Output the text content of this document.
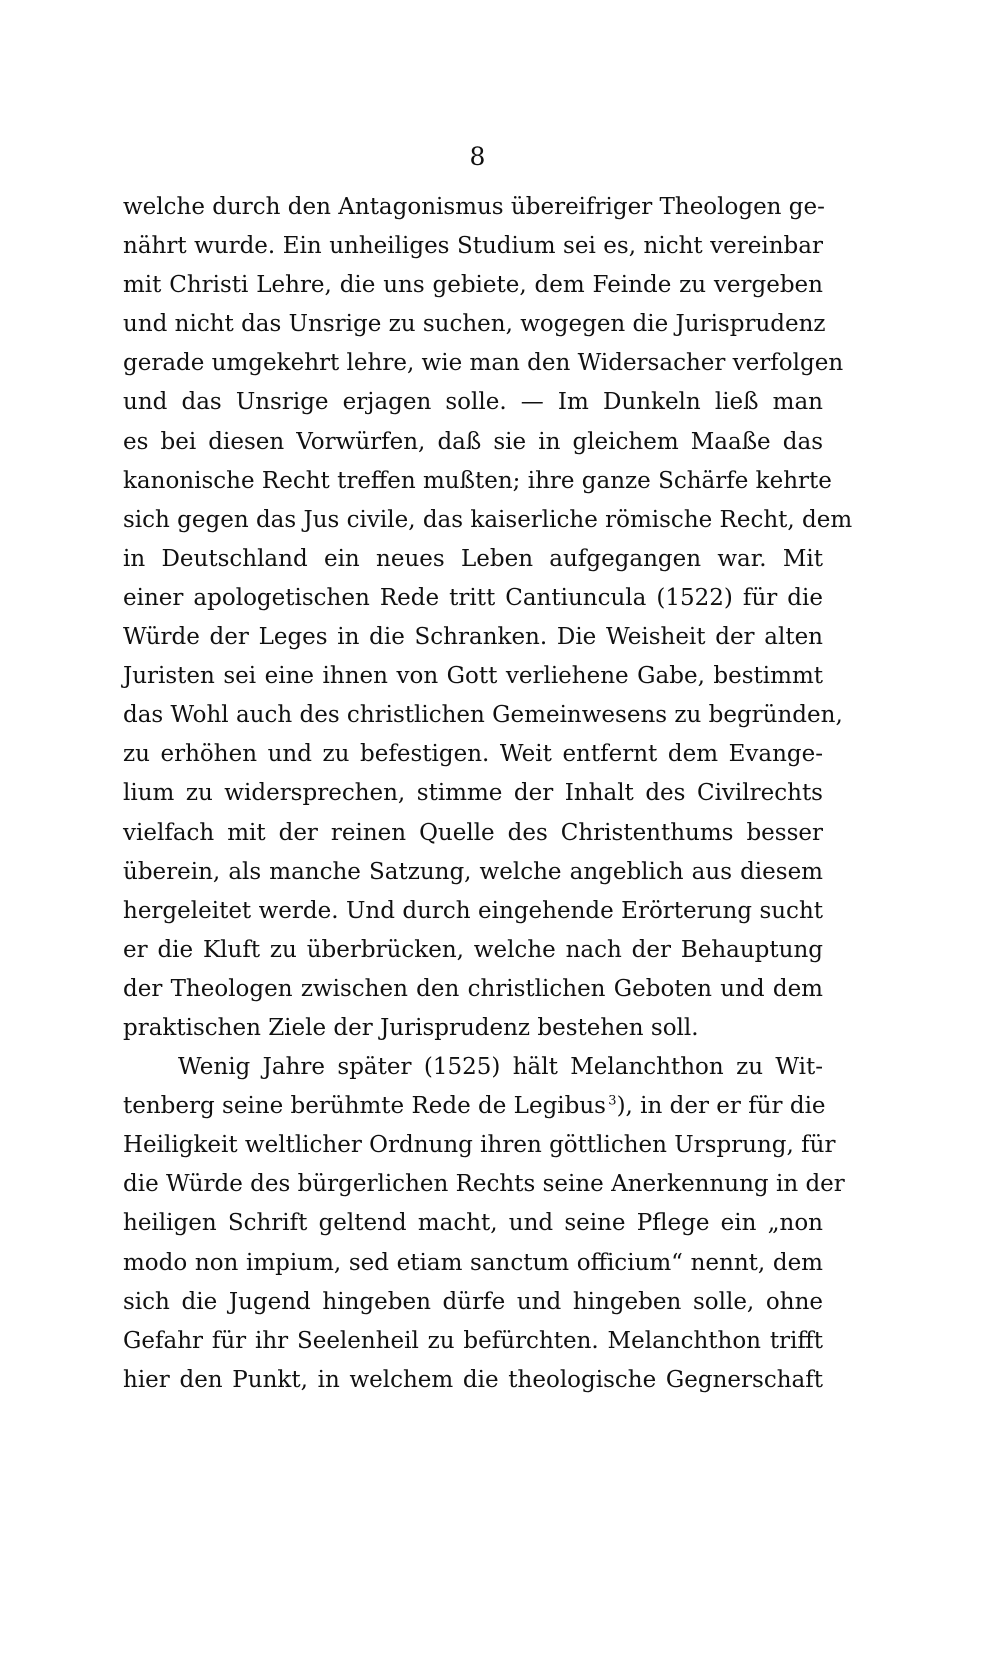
8

welche durch den Antagonismus übereifriger Theologen ge-
nährt wurde. Ein unheiliges Studium sei es, nicht vereinbar
mit Christi Lehre, die uns gebiete, dem Feinde zu vergeben
und nicht das Unsrige zu suchen, wogegen die Jurisprudenz
gerade umgekehrt lehre, wie man den Widersacher verfolgen
und das Unsrige erjagen solle. — Im Dunkeln ließ man
es bei diesen Vorwürfen, daß sie in gleichem Maaße das
kanonische Recht treffen mußten; ihre ganze Schärfe kehrte
sich gegen das Jus civile, das kaiserliche römische Recht, dem
in Deutschland ein neues Leben aufgegangen war. Mit
einer apologetischen Rede tritt Cantiuncula (1522) für die
Würde der Leges in die Schranken. Die Weisheit der alten
Juristen sei eine ihnen von Gott verliehene Gabe, bestimmt
das Wohl auch des christlichen Gemeinwesens zu begründen,
zu erhöhen und zu befestigen. Weit entfernt dem Evange-
lium zu widersprechen, stimme der Inhalt des Civilrechts
vielfach mit der reinen Quelle des Christenthums besser
überein, als manche Satzung, welche angeblich aus diesem
hergeleitet werde. Und durch eingehende Erörterung sucht
er die Kluft zu überbrücken, welche nach der Behauptung
der Theologen zwischen den christlichen Geboten und dem
praktischen Ziele der Jurisprudenz bestehen soll.

Wenig Jahre später (1525) hält Melanchthon zu Wit-
tenberg seine berühmte Rede de Legibus  $^3$), in der er für die
Heiligkeit weltlicher Ordnung ihren göttlichen Ursprung, für
die Würde des bürgerlichen Rechts seine Anerkennung in der
heiligen Schrift geltend macht, und seine Pflege ein „non
modo non impium, sed etiam sanctum officium“ nennt, dem
sich die Jugend hingeben dürfe und hingeben solle, ohne
Gefahr für ihr Seelenheil zu befürchten. Melanchthon trifft
hier den Punkt, in welchem die theologische Gegnerschaft
